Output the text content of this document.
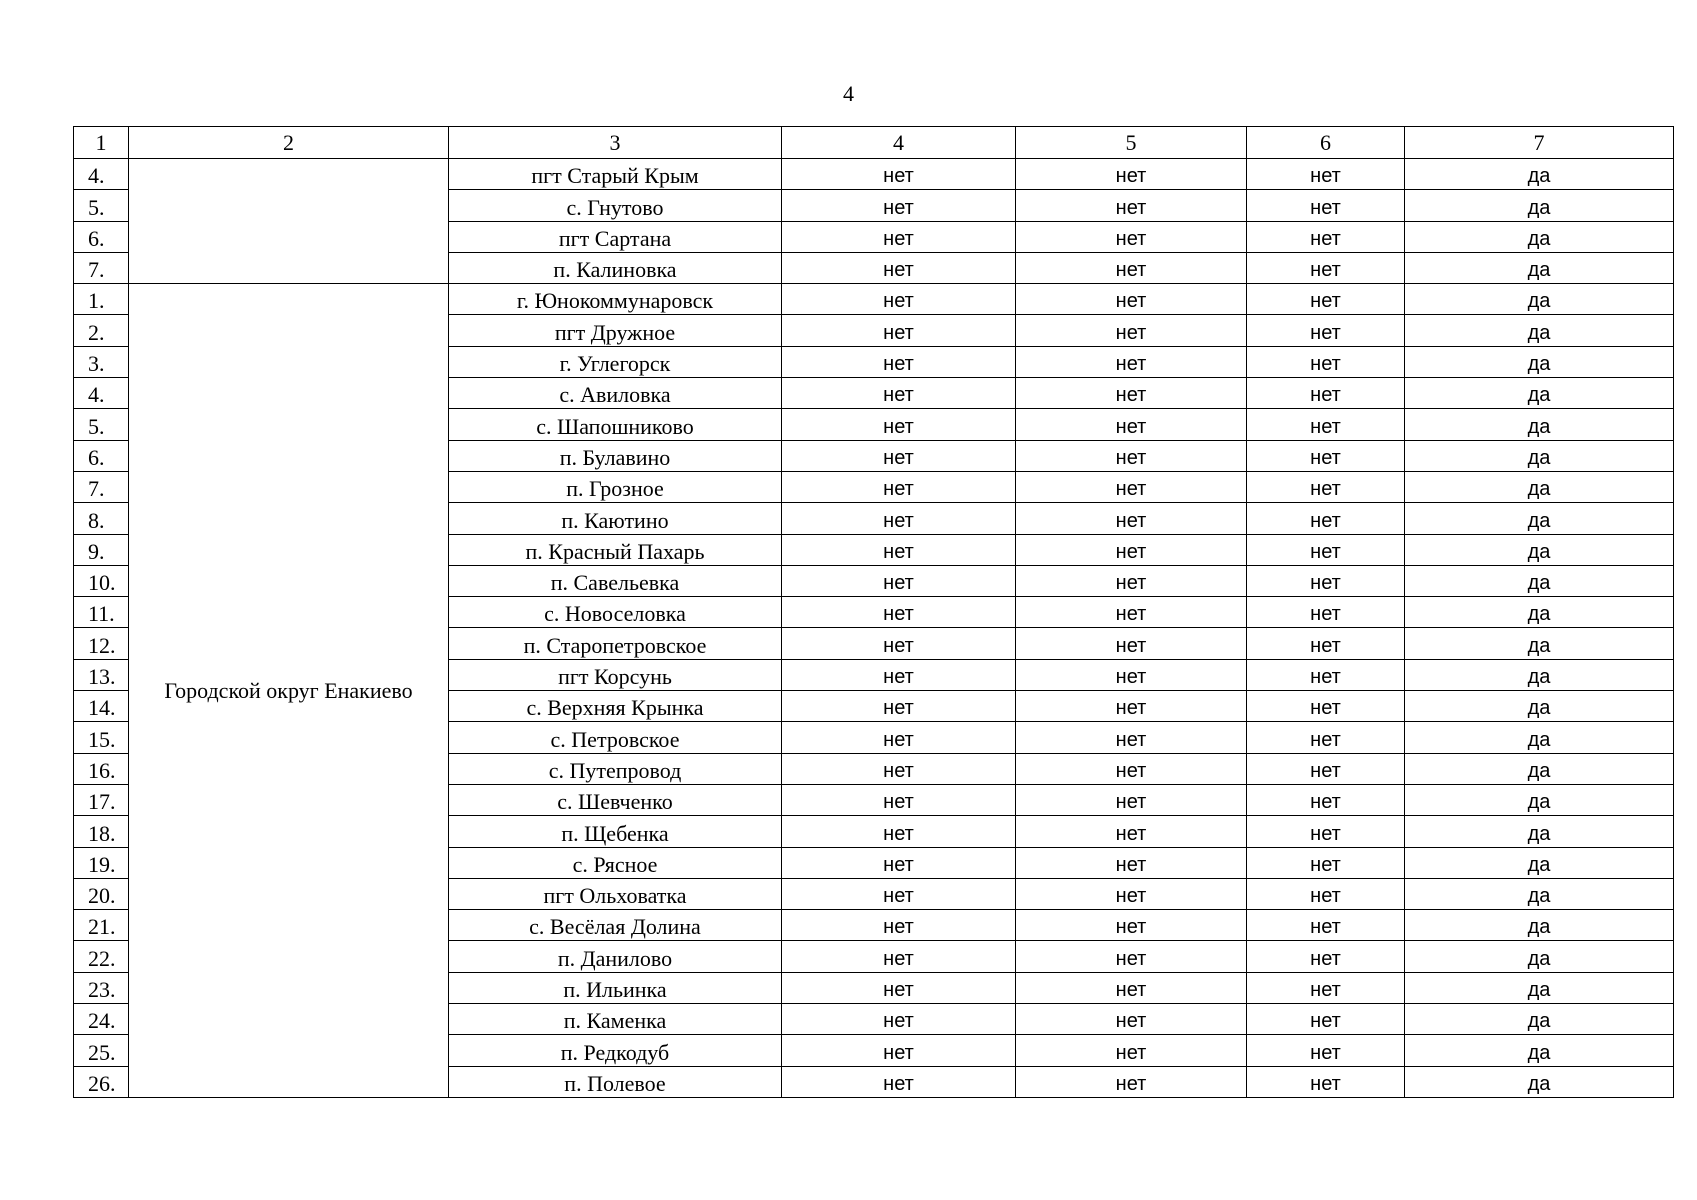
4
1	2	3	4	5	6	7
4.		пгт Старый Крым	нет	нет	нет	да
5.		с. Гнутово	нет	нет	нет	да
6.		пгт Сартана	нет	нет	нет	да
7.		п. Калиновка	нет	нет	нет	да
1.	Городской округ Енакиево	г. Юнокоммунаровск	нет	нет	нет	да
2.		пгт Дружное	нет	нет	нет	да
3.		г. Углегорск	нет	нет	нет	да
4.		с. Авиловка	нет	нет	нет	да
5.		с. Шапошниково	нет	нет	нет	да
6.		п. Булавино	нет	нет	нет	да
7.		п. Грозное	нет	нет	нет	да
8.		п. Каютино	нет	нет	нет	да
9.		п. Красный Пахарь	нет	нет	нет	да
10.		п. Савельевка	нет	нет	нет	да
11.		с. Новоселовка	нет	нет	нет	да
12.		п. Старопетровское	нет	нет	нет	да
13.		пгт Корсунь	нет	нет	нет	да
14.		с. Верхняя Крынка	нет	нет	нет	да
15.		с. Петровское	нет	нет	нет	да
16.		с. Путепровод	нет	нет	нет	да
17.		с. Шевченко	нет	нет	нет	да
18.		п. Щебенка	нет	нет	нет	да
19.		с. Рясное	нет	нет	нет	да
20.		пгт Ольховатка	нет	нет	нет	да
21.		с. Весёлая Долина	нет	нет	нет	да
22.		п. Данилово	нет	нет	нет	да
23.		п. Ильинка	нет	нет	нет	да
24.		п. Каменка	нет	нет	нет	да
25.		п. Редкодуб	нет	нет	нет	да
26.		п. Полевое	нет	нет	нет	да
